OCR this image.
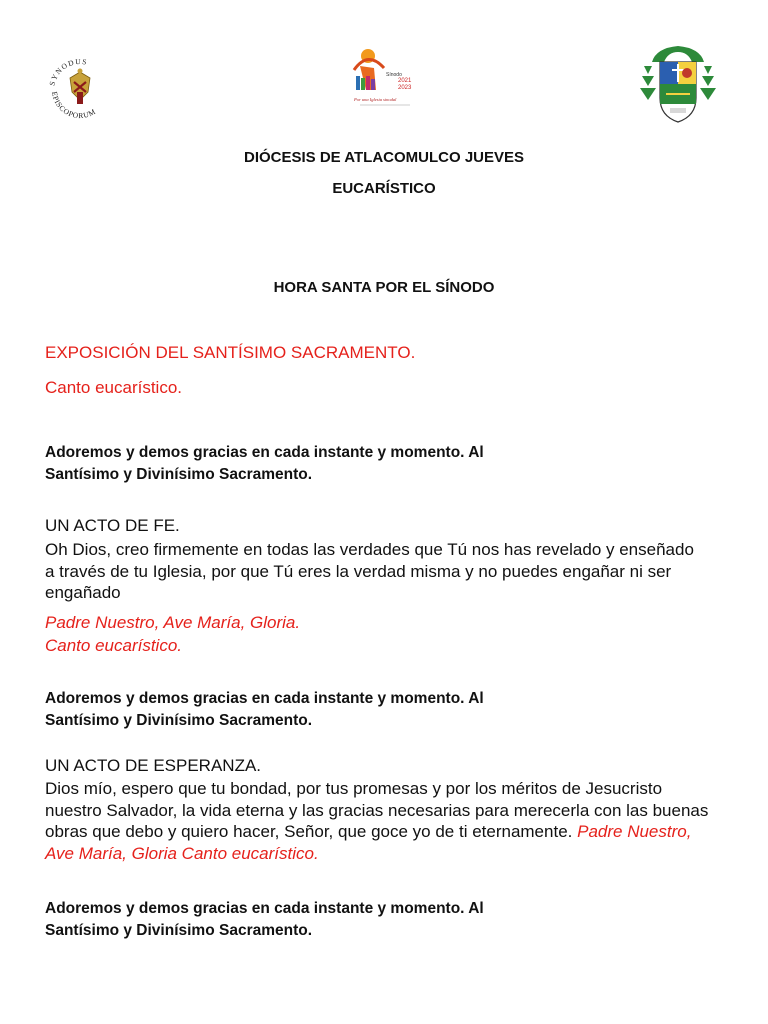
SYNODUS
EPISCOPORUM
Sínodo
2021
2023
Por una Iglesia sinodal
DIÓCESIS DE ATLACOMULCO JUEVES
EUCARÍSTICO
HORA SANTA POR EL SÍNODO
EXPOSICIÓN DEL SANTÍSIMO SACRAMENTO.
Canto eucarístico.
Adoremos y demos gracias en cada instante y momento. Al
Santísimo y Divinísimo Sacramento.
UN ACTO DE FE.
Oh Dios, creo firmemente en todas las verdades que Tú nos has revelado y enseñado
a través de tu Iglesia, por que Tú eres la verdad misma y no puedes engañar ni ser
engañado
Padre Nuestro, Ave María, Gloria.
Canto eucarístico.
Adoremos y demos gracias en cada instante y momento. Al
Santísimo y Divinísimo Sacramento.
UN ACTO DE ESPERANZA.
Dios mío, espero que tu bondad, por tus promesas y por los méritos de Jesucristo
nuestro Salvador, la vida eterna y las gracias necesarias para merecerla con las buenas
obras que debo y quiero hacer, Señor, que goce yo de ti eternamente. Padre Nuestro,
Ave María, Gloria Canto eucarístico.
Adoremos y demos gracias en cada instante y momento. Al
Santísimo y Divinísimo Sacramento.
